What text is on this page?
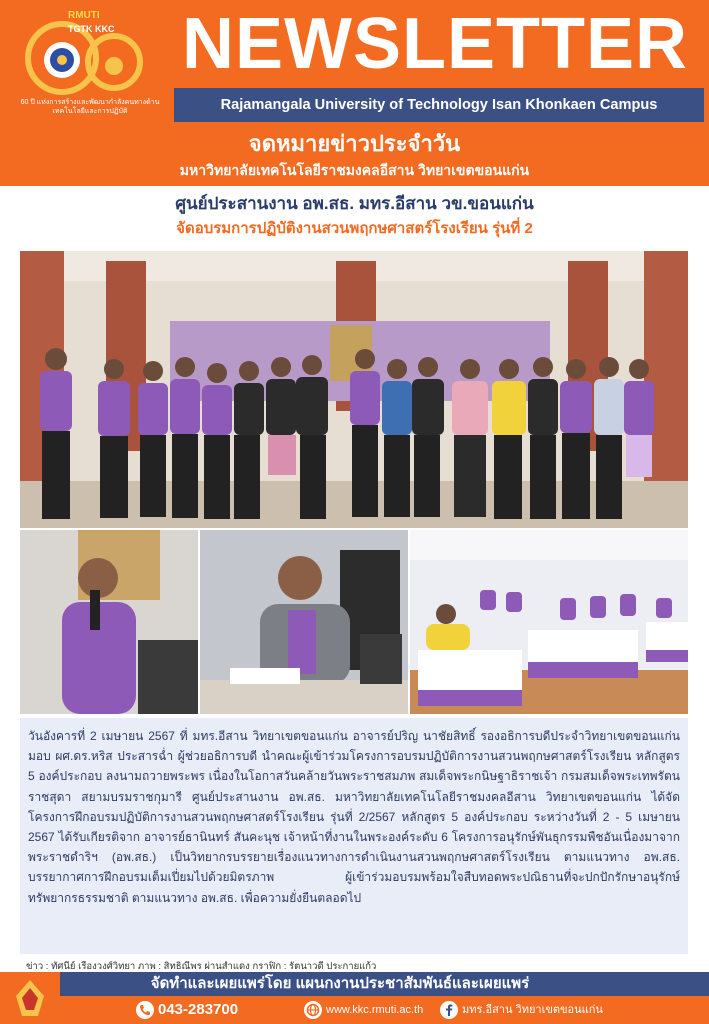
RMUTI
TGTK KKC
60 ปี แห่งการสร้างและพัฒนากำลังคนทางด้านเทคโนโลยีและการปฏิบัติ
NEWSLETTER
Rajamangala University of Technology Isan Khonkaen Campus
จดหมายข่าวประจำวัน
มหาวิทยาลัยเทคโนโลยีราชมงคลอีสาน วิทยาเขตขอนแก่น
ศูนย์ประสานงาน อพ.สธ. มทร.อีสาน วข.ขอนแก่น
จัดอบรมการปฏิบัติงานสวนพฤกษศาสตร์โรงเรียน รุ่นที่ 2

วันอังคารที่ 2 เมษายน 2567 ที่ มทร.อีสาน วิทยาเขตขอนแก่น อาจารย์ปริญ นาชัยสิทธิ์ รองอธิการบดีประจำวิทยาเขตขอนแก่น มอบ ผศ.ดร.หริส ประสารฉ่ำ ผู้ช่วยอธิการบดี นำคณะผู้เข้าร่วมโครงการอบรมปฏิบัติการงานสวนพฤกษศาสตร์โรงเรียน หลักสูตร 5 องค์ประกอบ ลงนามถวายพระพร เนื่องในโอกาสวันคล้ายวันพระราชสมภพ สมเด็จพระกนิษฐาธิราชเจ้า กรมสมเด็จพระเทพรัตนราชสุดา สยามบรมราชกุมารี ศูนย์ประสานงาน อพ.สธ. มหาวิทยาลัยเทคโนโลยีราชมงคลอีสาน วิทยาเขตขอนแก่น ได้จัดโครงการฝึกอบรมปฏิบัติการงานสวนพฤกษศาสตร์โรงเรียน รุ่นที่ 2/2567 หลักสูตร 5 องค์ประกอบ ระหว่างวันที่ 2 - 5 เมษายน 2567 ได้รับเกียรติจาก อาจารย์ธานินทร์ สันคะนุช เจ้าหน้าที่งานในพระองค์ระดับ 6 โครงการอนุรักษ์พันธุกรรมพืชอันเนื่องมาจากพระราชดำริฯ (อพ.สธ.) เป็นวิทยากรบรรยายเรื่องแนวทางการดำเนินงานสวนพฤกษศาสตร์โรงเรียน ตามแนวทาง อพ.สธ. บรรยากาศการฝึกอบรมเต็มเปี่ยมไปด้วยมิตรภาพ ผู้เข้าร่วมอบรมพร้อมใจสืบทอดพระปณิธานที่จะปกปักรักษาอนุรักษ์ทรัพยากรธรรมชาติ ตามแนวทาง อพ.สธ. เพื่อความยั่งยืนตลอดไป

ข่าว : ทัศนีย์ เรืองวงศ์วิทยา ภาพ : สิทธิณีพร ผ่านสำแดง กราฟิก : รัตนาวดี ประกายแก้ว
จัดทำและเผยแพร่โดย แผนกงานประชาสัมพันธ์และเผยแพร่
043-283700	www.kkc.rmuti.ac.th	มทร.อีสาน วิทยาเขตขอนแก่น
